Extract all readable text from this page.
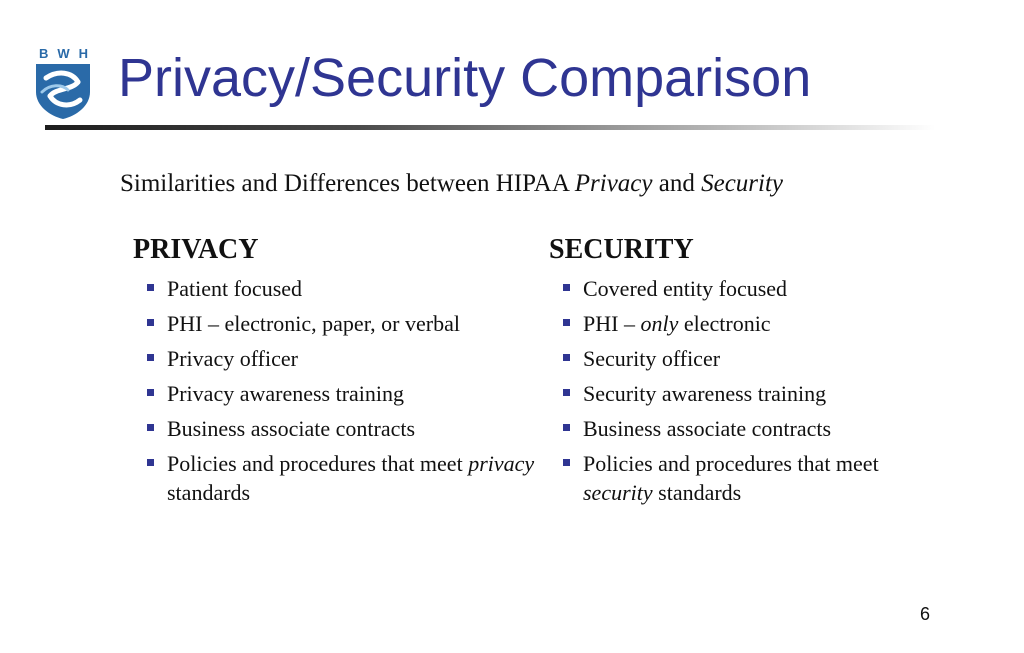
BWH Privacy/Security Comparison

Similarities and Differences between HIPAA Privacy and Security

PRIVACY
Patient focused
PHI – electronic, paper, or verbal
Privacy officer
Privacy awareness training
Business associate contracts
Policies and procedures that meet privacy standards
SECURITY
Covered entity focused
PHI – only electronic
Security officer
Security awareness training
Business associate contracts
Policies and procedures that meet security standards
6
